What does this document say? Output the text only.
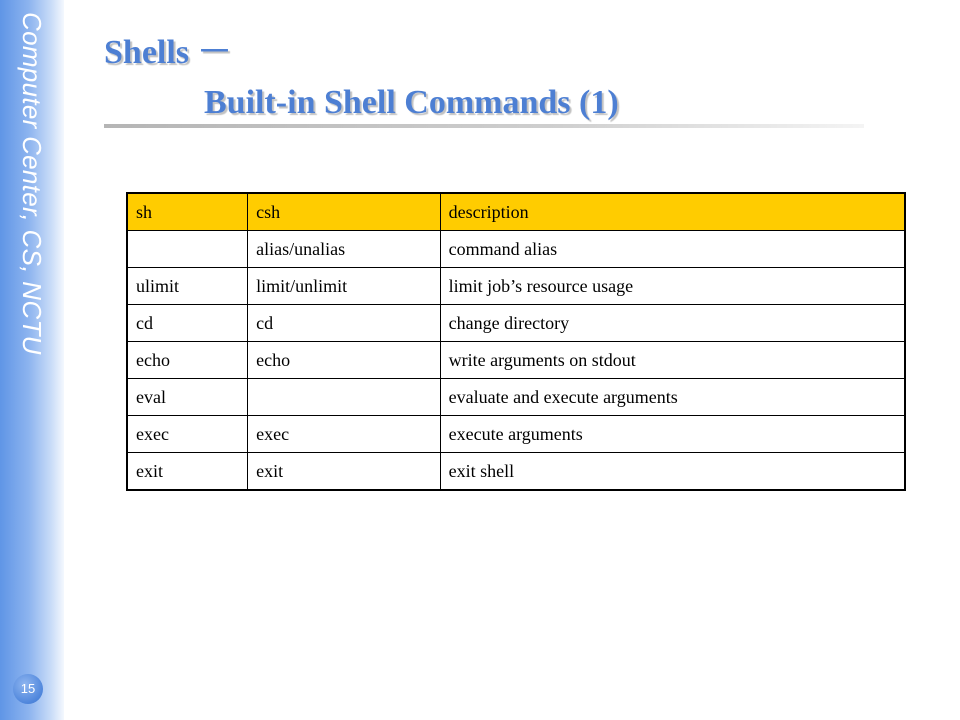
Computer Center, CS, NCTU
15
Shells －
Built-in Shell Commands (1)
sh	csh	description
	alias/unalias	command alias
ulimit	limit/unlimit	limit job’s resource usage
cd	cd	change directory
echo	echo	write arguments on stdout
eval		evaluate and execute arguments
exec	exec	execute arguments
exit	exit	exit shell
